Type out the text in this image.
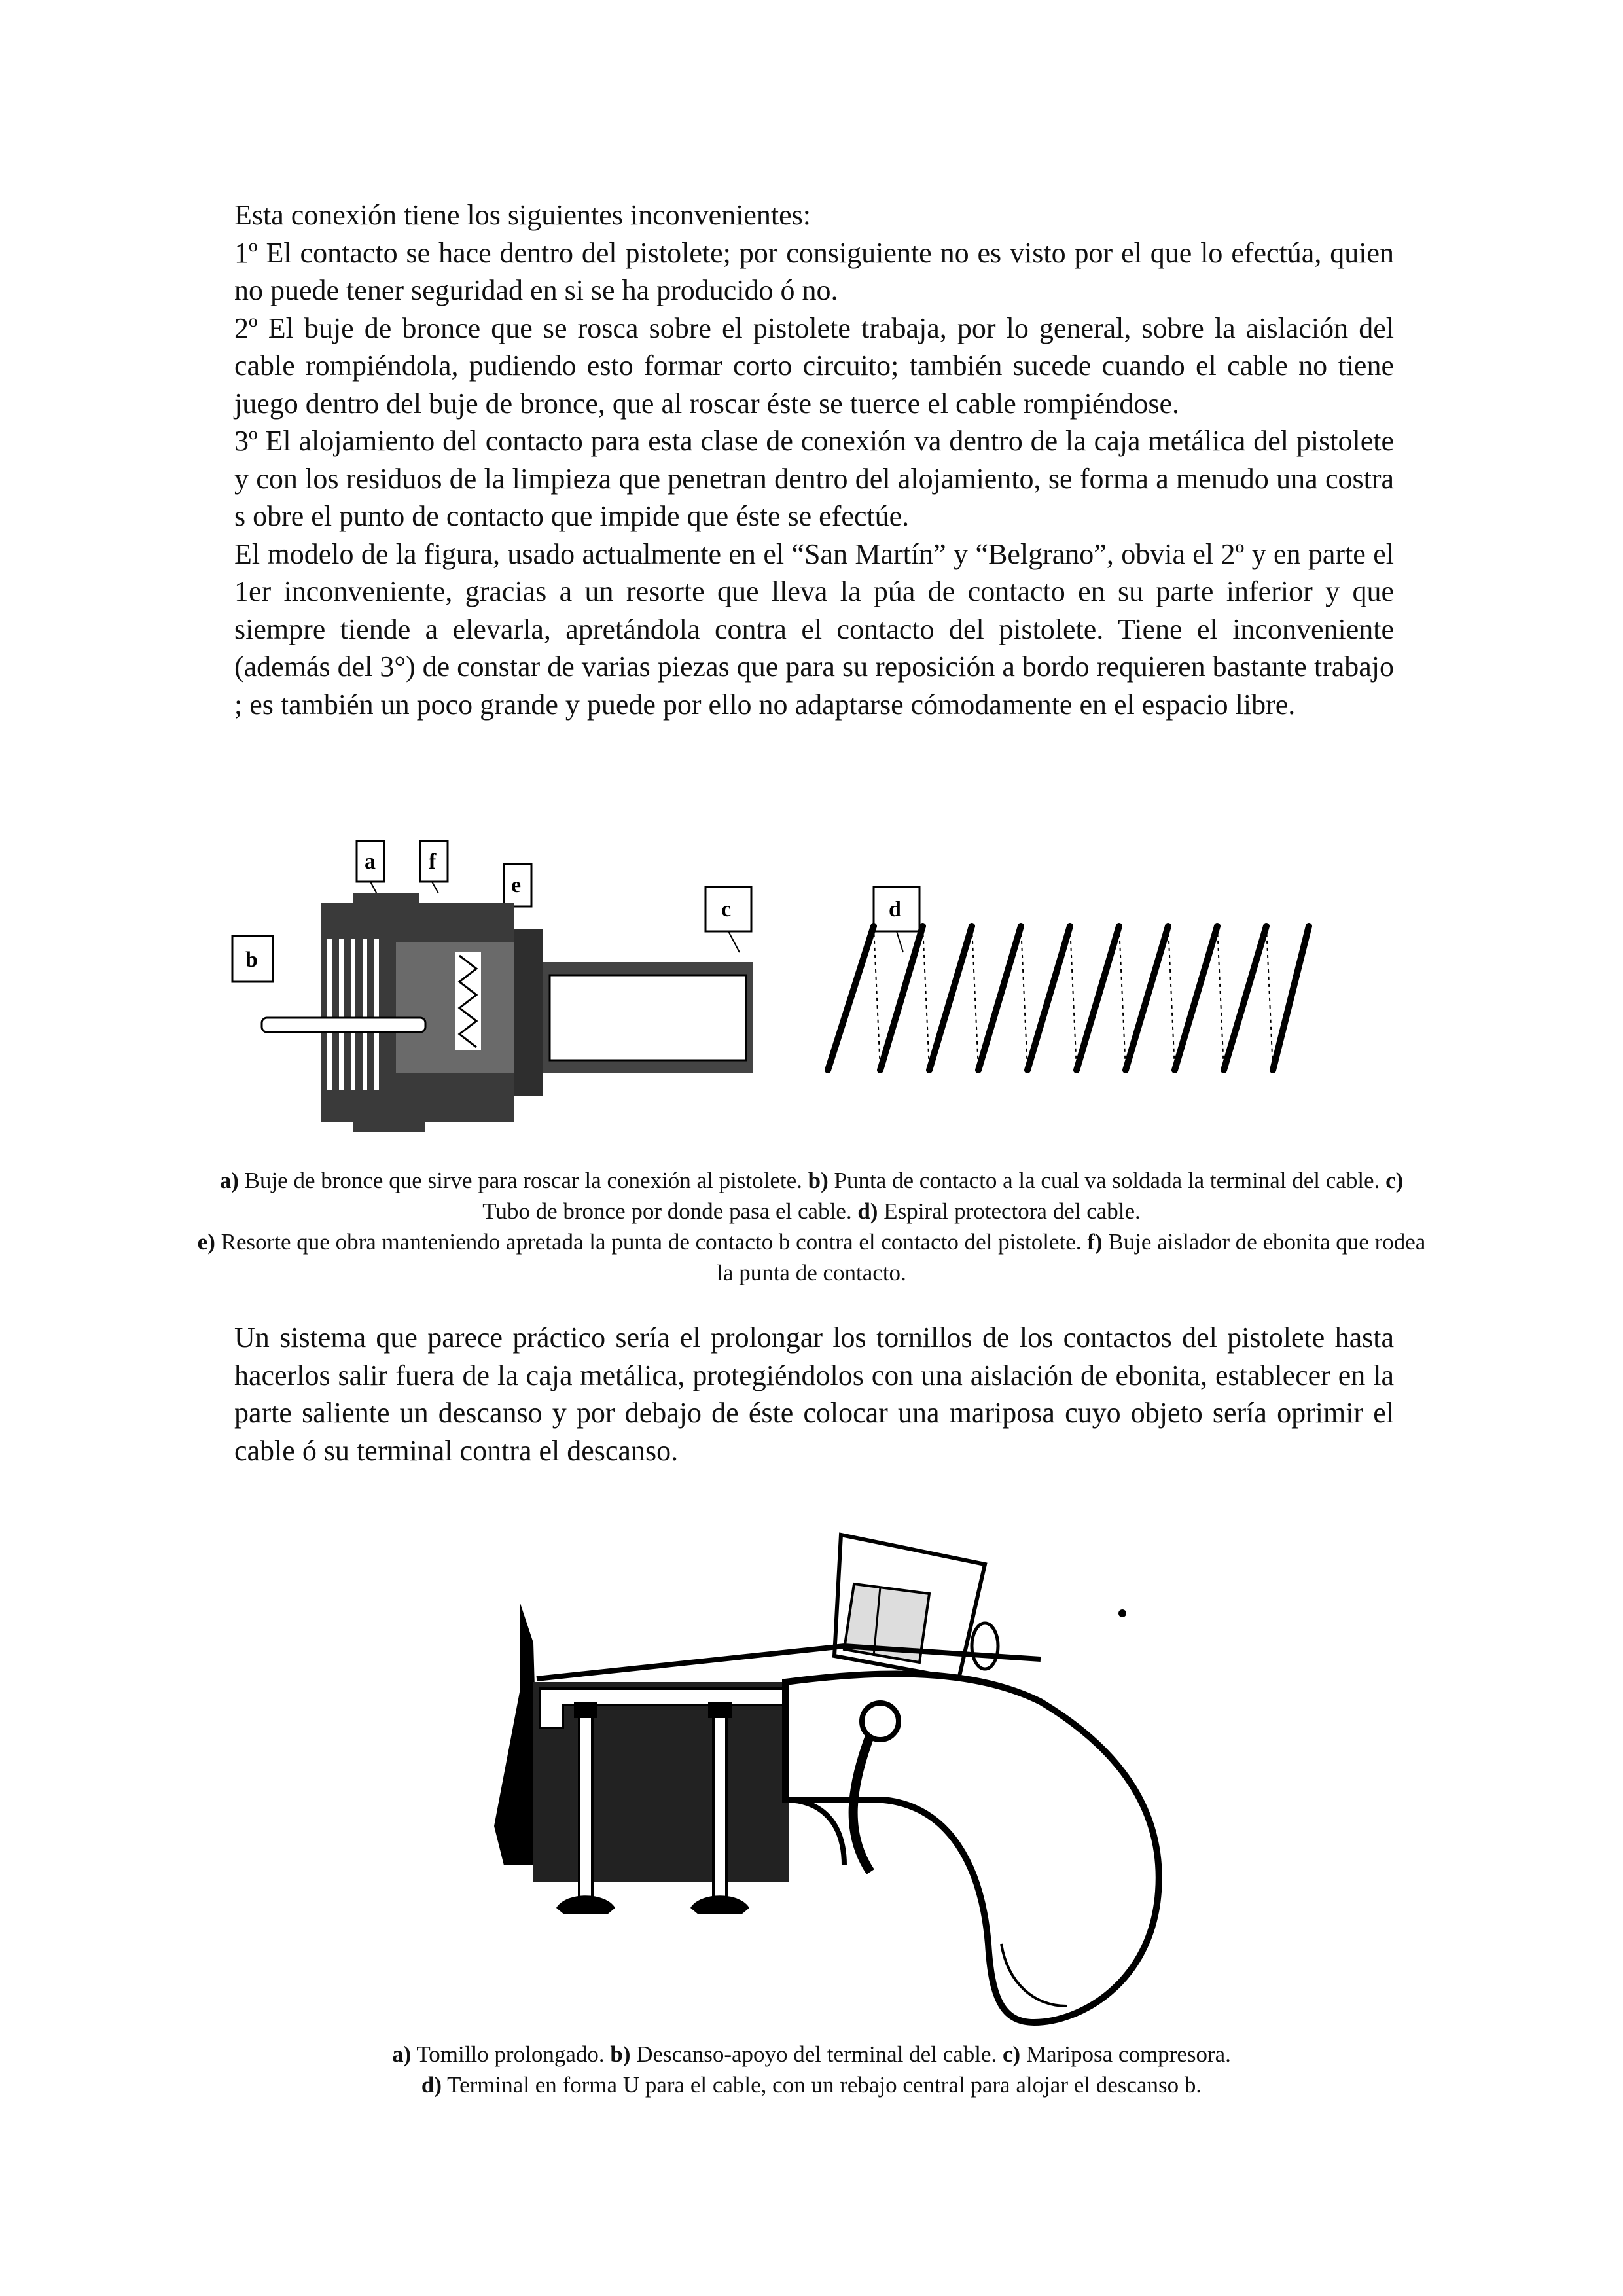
Esta conexión tiene los siguientes inconvenientes:

1º El contacto se hace dentro del pistolete; por consiguiente no es visto por el que lo efectúa, quien no puede tener seguridad en si se ha producido ó no.

2º El buje de bronce que se rosca sobre el pistolete trabaja, por lo general, sobre la aislación del cable rompiéndola, pudiendo esto formar corto circuito; también sucede cuando el cable no tiene juego dentro del buje de bronce, que al roscar éste se tuerce el cable rompiéndose.

3º El alojamiento del contacto para esta clase de conexión va dentro de la caja metálica del pistolete y con los residuos de la limpieza que penetran dentro del alojamiento, se forma a menudo una costra s obre el punto de contacto que impide que éste se efectúe.

El modelo de la figura, usado actualmente en el “San Martín” y “Belgrano”, obvia el 2º y en parte el 1er inconveniente, gracias a un resorte que lleva la púa de contacto en su parte inferior y que siempre tiende a elevarla, apretándola contra el contacto del pistolete. Tiene el inconveniente (además del 3°) de constar de varias piezas que para su reposición a bordo requieren bastante trabajo ; es también un poco grande y puede por ello no adaptarse cómodamente en el espacio libre.

a f
e
c	d
b
a) Buje de bronce que sirve para roscar la conexión al pistolete. b) Punta de contacto a la cual va soldada la terminal del cable. c) Tubo de bronce por donde pasa el cable. d) Espiral protectora del cable.
e) Resorte que obra manteniendo apretada la punta de contacto b contra el contacto del pistolete. f) Buje aislador de ebonita que rodea la punta de contacto.

Un sistema que parece práctico sería el prolongar los tornillos de los contactos del pistolete hasta hacerlos salir fuera de la caja metálica, protegiéndolos con una aislación de ebonita, establecer en la parte saliente un descanso y por debajo de éste colocar una mariposa cuyo objeto sería oprimir el cable ó su terminal contra el descanso.

a) Tomillo prolongado. b) Descanso-apoyo del terminal del cable. c) Mariposa compresora.
d) Terminal en forma U para el cable, con un rebajo central para alojar el descanso b.
